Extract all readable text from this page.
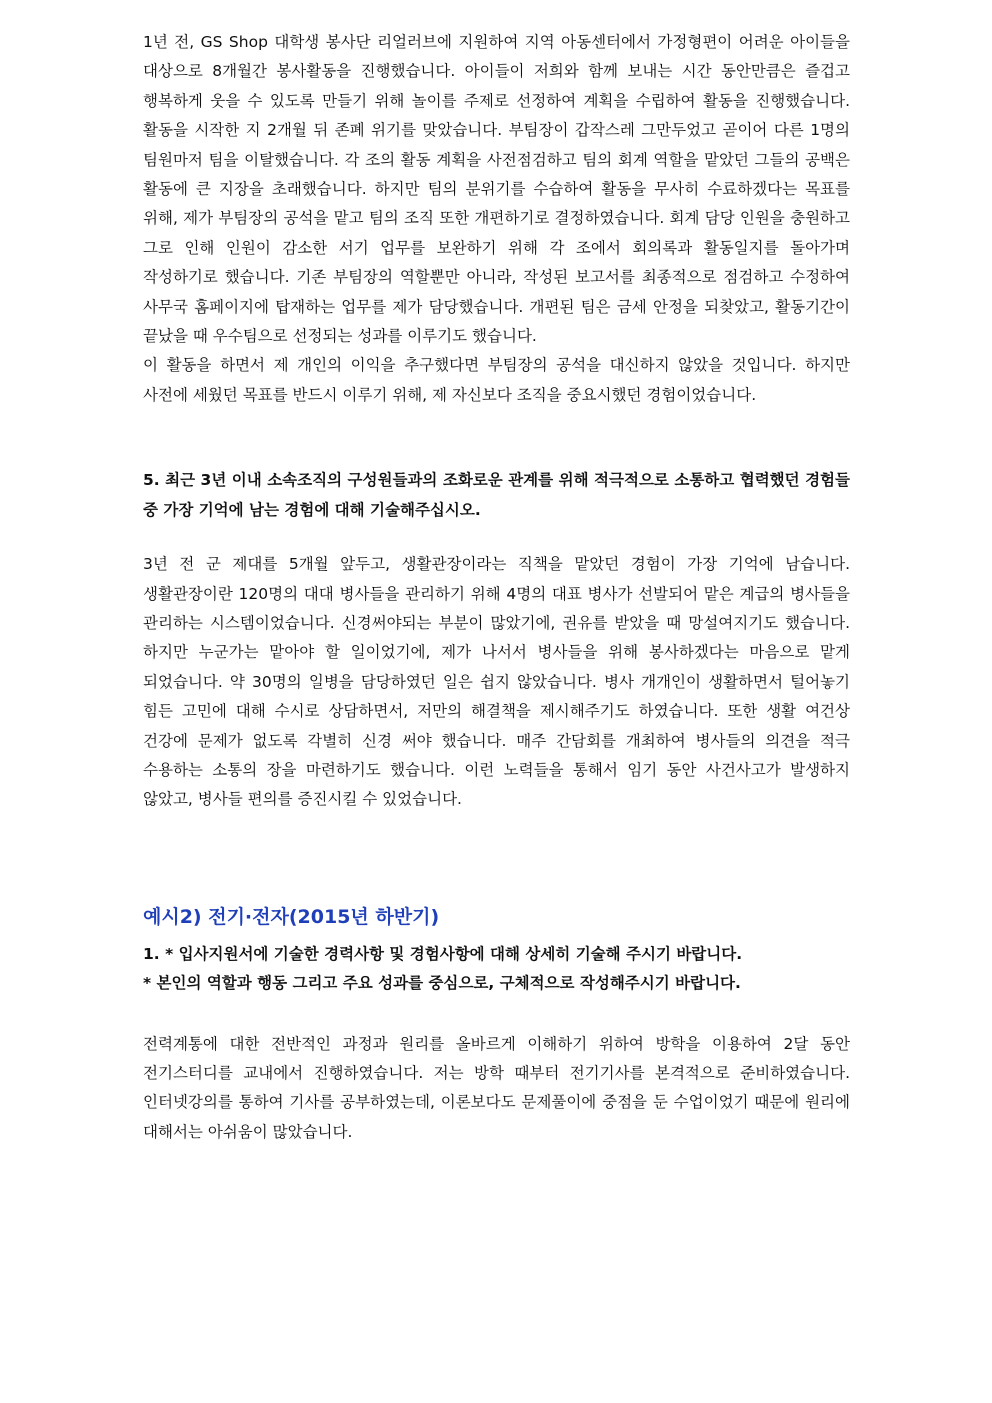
1년 전, GS Shop 대학생 봉사단 리얼러브에 지원하여 지역 아동센터에서 가정형편이 어려운 아이들을 대상으로 8개월간 봉사활동을 진행했습니다. 아이들이 저희와 함께 보내는 시간 동안만큼은 즐겁고 행복하게 웃을 수 있도록 만들기 위해 놀이를 주제로 선정하여 계획을 수립하여 활동을 진행했습니다. 활동을 시작한 지 2개월 뒤 존폐 위기를 맞았습니다. 부팀장이 갑작스레 그만두었고 곧이어 다른 1명의 팀원마저 팀을 이탈했습니다. 각 조의 활동 계획을 사전점검하고 팀의 회계 역할을 맡았던 그들의 공백은 활동에 큰 지장을 초래했습니다. 하지만 팀의 분위기를 수습하여 활동을 무사히 수료하겠다는 목표를 위해, 제가 부팀장의 공석을 맡고 팀의 조직 또한 개편하기로 결정하였습니다. 회계 담당 인원을 충원하고 그로 인해 인원이 감소한 서기 업무를 보완하기 위해 각 조에서 회의록과 활동일지를 돌아가며 작성하기로 했습니다. 기존 부팀장의 역할뿐만 아니라, 작성된 보고서를 최종적으로 점검하고 수정하여 사무국 홈페이지에 탑재하는 업무를 제가 담당했습니다. 개편된 팀은 금세 안정을 되찾았고, 활동기간이 끝났을 때 우수팀으로 선정되는 성과를 이루기도 했습니다.

이 활동을 하면서 제 개인의 이익을 추구했다면 부팀장의 공석을 대신하지 않았을 것입니다. 하지만 사전에 세웠던 목표를 반드시 이루기 위해, 제 자신보다 조직을 중요시했던 경험이었습니다.

5. 최근 3년 이내 소속조직의 구성원들과의 조화로운 관계를 위해 적극적으로 소통하고 협력했던 경험들 중 가장 기억에 남는 경험에 대해 기술해주십시오.

3년 전 군 제대를 5개월 앞두고, 생활관장이라는 직책을 맡았던 경험이 가장 기억에 남습니다. 생활관장이란 120명의 대대 병사들을 관리하기 위해 4명의 대표 병사가 선발되어 맡은 계급의 병사들을 관리하는 시스템이었습니다. 신경써야되는 부분이 많았기에, 권유를 받았을 때 망설여지기도 했습니다. 하지만 누군가는 맡아야 할 일이었기에, 제가 나서서 병사들을 위해 봉사하겠다는 마음으로 맡게 되었습니다. 약 30명의 일병을 담당하였던 일은 쉽지 않았습니다. 병사 개개인이 생활하면서 털어놓기 힘든 고민에 대해 수시로 상담하면서, 저만의 해결책을 제시해주기도 하였습니다. 또한 생활 여건상 건강에 문제가 없도록 각별히 신경 써야 했습니다. 매주 간담회를 개최하여 병사들의 의견을 적극 수용하는 소통의 장을 마련하기도 했습니다. 이런 노력들을 통해서 임기 동안 사건사고가 발생하지 않았고, 병사들 편의를 증진시킬 수 있었습니다.

예시2) 전기·전자(2015년 하반기)

1. * 입사지원서에 기술한 경력사항 및 경험사항에 대해 상세히 기술해 주시기 바랍니다.
* 본인의 역할과 행동 그리고 주요 성과를 중심으로, 구체적으로 작성해주시기 바랍니다.

전력계통에 대한 전반적인 과정과 원리를 올바르게 이해하기 위하여 방학을 이용하여 2달 동안 전기스터디를 교내에서 진행하였습니다. 저는 방학 때부터 전기기사를 본격적으로 준비하였습니다. 인터넷강의를 통하여 기사를 공부하였는데, 이론보다도 문제풀이에 중점을 둔 수업이었기 때문에 원리에 대해서는 아쉬움이 많았습니다.
